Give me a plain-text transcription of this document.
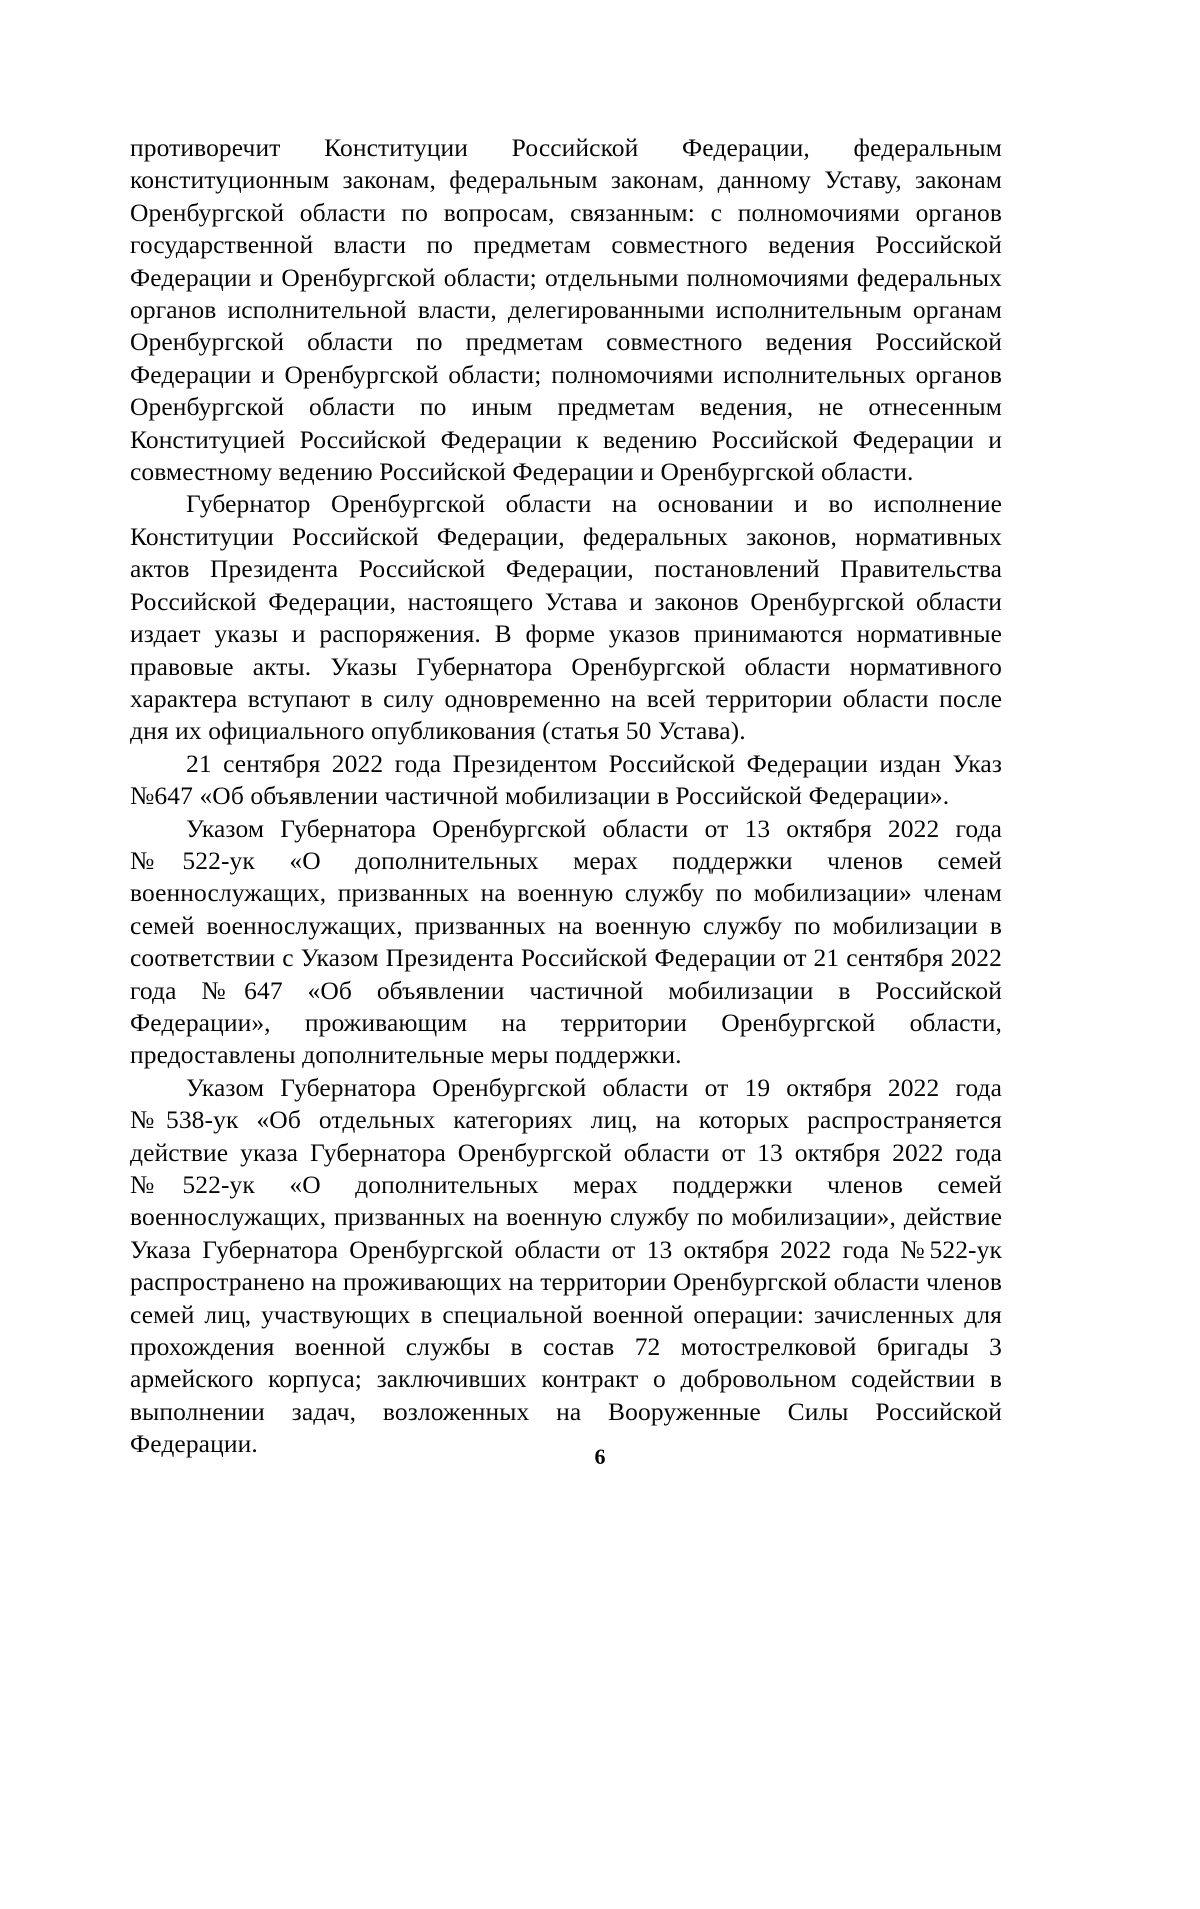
противоречит Конституции Российской Федерации, федеральным конституционным законам, федеральным законам, данному Уставу, законам Оренбургской области по вопросам, связанным: с полномочиями органов государственной власти по предметам совместного ведения Российской Федерации и Оренбургской области; отдельными полномочиями федеральных органов исполнительной власти, делегированными исполнительным органам Оренбургской области по предметам совместного ведения Российской Федерации и Оренбургской области; полномочиями исполнительных органов Оренбургской области по иным предметам ведения, не отнесенным Конституцией Российской Федерации к ведению Российской Федерации и совместному ведению Российской Федерации и Оренбургской области.

Губернатор Оренбургской области на основании и во исполнение Конституции Российской Федерации, федеральных законов, нормативных актов Президента Российской Федерации, постановлений Правительства Российской Федерации, настоящего Устава и законов Оренбургской области издает указы и распоряжения. В форме указов принимаются нормативные правовые акты. Указы Губернатора Оренбургской области нормативного характера вступают в силу одновременно на всей территории области после дня их официального опубликования (статья 50 Устава).

21 сентября 2022 года Президентом Российской Федерации издан Указ №647 «Об объявлении частичной мобилизации в Российской Федерации».

Указом Губернатора Оренбургской области от 13 октября 2022 года №522-ук «О дополнительных мерах поддержки членов семей военнослужащих, призванных на военную службу по мобилизации» членам семей военнослужащих, призванных на военную службу по мобилизации в соответствии с Указом Президента Российской Федерации от 21 сентября 2022 года №647 «Об объявлении частичной мобилизации в Российской Федерации», проживающим на территории Оренбургской области, предоставлены дополнительные меры поддержки.

Указом Губернатора Оренбургской области от 19 октября 2022 года №538-ук «Об отдельных категориях лиц, на которых распространяется действие указа Губернатора Оренбургской области от 13 октября 2022 года №522-ук «О дополнительных мерах поддержки членов семей военнослужащих, призванных на военную службу по мобилизации», действие Указа Губернатора Оренбургской области от 13 октября 2022 года №522-ук распространено на проживающих на территории Оренбургской области членов семей лиц, участвующих в специальной военной операции: зачисленных для прохождения военной службы в состав 72 мотострелковой бригады 3 армейского корпуса; заключивших контракт о добровольном содействии в выполнении задач, возложенных на Вооруженные Силы Российской Федерации.	6
